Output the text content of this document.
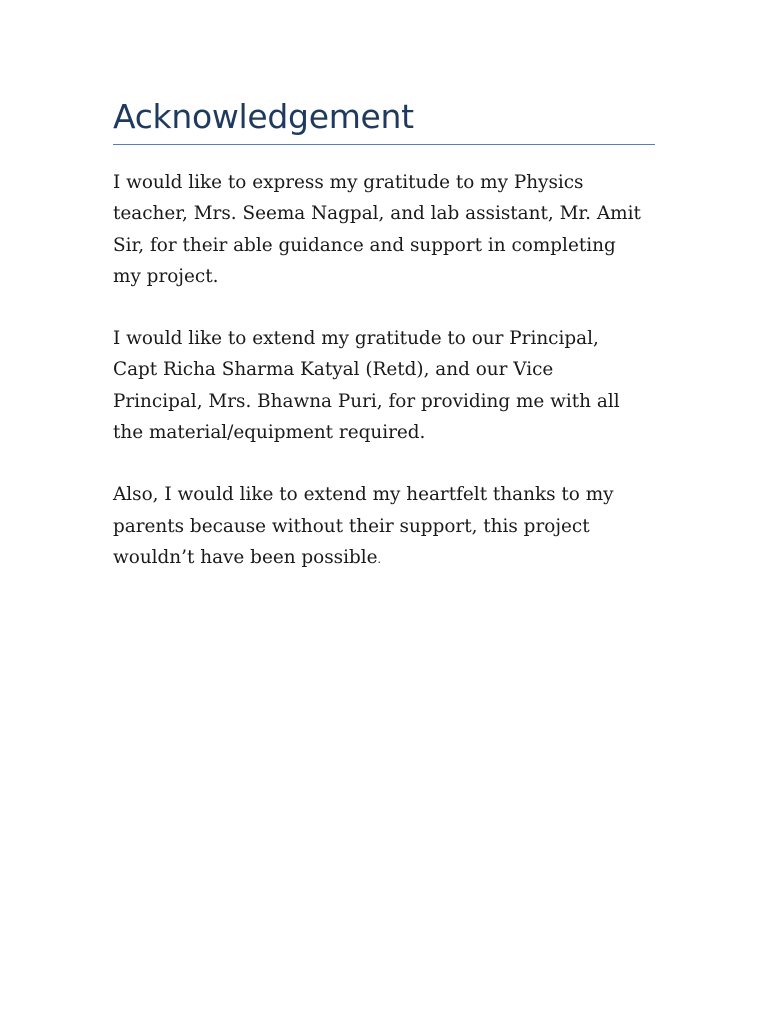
Acknowledgement

I would like to express my gratitude to my Physics
teacher, Mrs. Seema Nagpal, and lab assistant, Mr. Amit
Sir, for their able guidance and support in completing
my project.

I would like to extend my gratitude to our Principal,
Capt Richa Sharma Katyal (Retd), and our Vice
Principal, Mrs. Bhawna Puri, for providing me with all
the material/equipment required.

Also, I would like to extend my heartfelt thanks to my
parents because without their support, this project
wouldn’t have been possible.
